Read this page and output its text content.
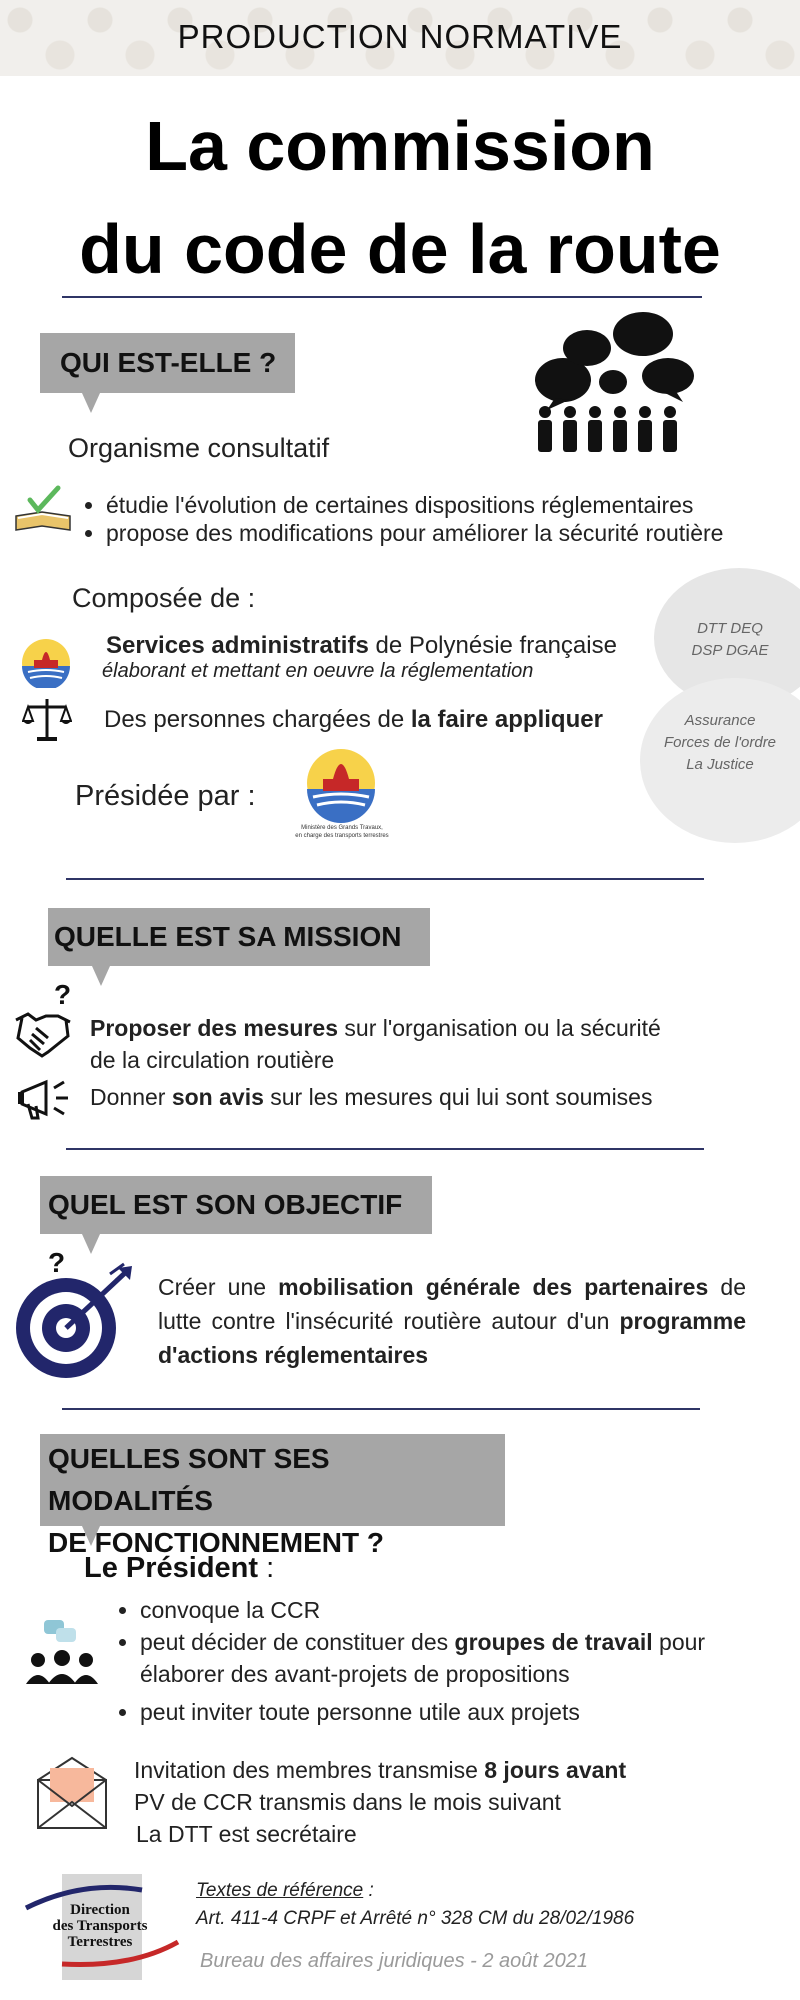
PRODUCTION NORMATIVE
La commission
du code de la route
QUI EST-ELLE ?
Organisme consultatif
• étudie l'évolution de certaines dispositions réglementaires
• propose des modifications pour améliorer la sécurité routière
Composée de :
DTT DEQ
DSP DGAE
Assurance
Forces de l'ordre
La Justice
Services administratifs de Polynésie française
élaborant et mettant en oeuvre la réglementation
Des personnes chargées de la faire appliquer
Présidée par :
Ministère des Grands Travaux,
en charge des transports terrestres
QUELLE EST SA MISSION ?
Proposer des mesures sur l'organisation ou la sécurité
de la circulation routière
Donner son avis sur les mesures qui lui sont soumises
QUEL EST SON OBJECTIF ?
Créer une mobilisation générale des partenaires de lutte contre l'insécurité routière autour d'un programme d'actions réglementaires
QUELLES SONT SES MODALITÉS
DE FONCTIONNEMENT ?
Le Président :
• convoque la CCR
• peut décider de constituer des groupes de travail pour élaborer des avant-projets de propositions
• peut inviter toute personne utile aux projets
Invitation des membres transmise 8 jours avant
PV de CCR transmis dans le mois suivant
La DTT est secrétaire
Direction
des Transports
Terrestres
Textes de référence :
Art. 411-4 CRPF et Arrêté n° 328 CM du 28/02/1986
Bureau des affaires juridiques - 2 août 2021
